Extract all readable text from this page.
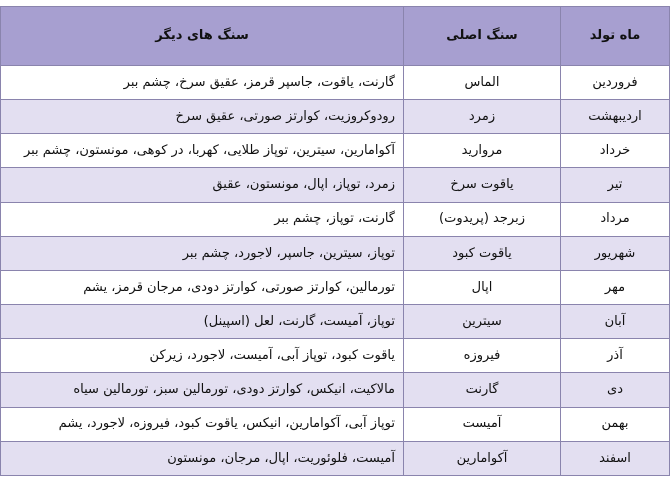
ماه تولد	سنگ اصلی	سنگ های دیگر
فروردین	الماس	گارنت، یاقوت، جاسپر قرمز، عقیق سرخ، چشم ببر
اردیبهشت	زمرد	رودوکروزیت، کوارتز صورتی، عقیق سرخ
خرداد	مروارید	آکوامارین، سیترین، توپاز طلایی، کهربا، در کوهی، مونستون، چشم ببر
تیر	یاقوت سرخ	زمرد، توپاز، اپال، مونستون، عقیق
مرداد	زبرجد (پریدوت)	گارنت، توپاز، چشم ببر
شهریور	یاقوت کبود	توپاز، سیترین، جاسپر، لاجورد، چشم ببر
مهر	اپال	تورمالین، کوارتز صورتی، کوارتز دودی، مرجان قرمز، یشم
آبان	سیترین	توپاز، آمیست، گارنت، لعل (اسپینل)
آذر	فیروزه	یاقوت کبود، توپاز آبی، آمیست، لاجورد، زیرکن
دی	گارنت	مالاکیت، انیکس، کوارتز دودی، تورمالین سبز، تورمالین سیاه
بهمن	آمیست	توپاز آبی، آکوامارین، انیکس، یاقوت کبود، فیروزه، لاجورد، یشم
اسفند	آکوامارین	آمیست، فلوئوریت، اپال، مرجان، مونستون
